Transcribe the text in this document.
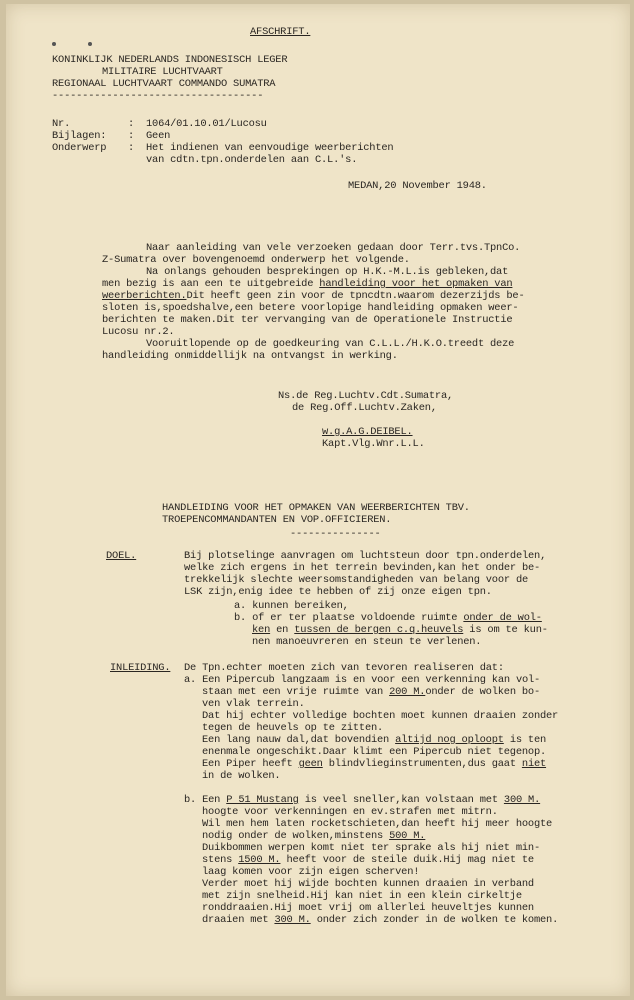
AFSCHRIFT.
KONINKLIJK NEDERLANDS INDONESISCH LEGER
MILITAIRE LUCHTVAART
REGIONAAL LUCHTVAART COMMANDO SUMATRA
-----------------------------------
Nr.	: 1064/01.10.01/Lucosu
Bijlagen: : Geen
Onderwerp : Het indienen van eenvoudige weerberichten
van cdtn.tpn.onderdelen aan C.L.'s.
MEDAN,20 November 1948.
Naar aanleiding van vele verzoeken gedaan door Terr.tvs.TpnCo.
Z-Sumatra over bovengenoemd onderwerp het volgende.
Na onlangs gehouden besprekingen op H.K.-M.L.is gebleken,dat
men bezig is aan een te uitgebreide handleiding voor het opmaken van
weerberichten.Dit heeft geen zin voor de tpncdtn.waarom dezerzijds be-
sloten is,spoedshalve,een betere voorlopige handleiding opmaken weer-
berichten te maken.Dit ter vervanging van de Operationele Instructie
Lucosu nr.2.
Vooruitlopende op de goedkeuring van C.L.L./H.K.O.treedt deze
handleiding onmiddellijk na ontvangst in werking.
Ns.de Reg.Luchtv.Cdt.Sumatra,
de Reg.Off.Luchtv.Zaken,
w.g.A.G.DEIBEL.
Kapt.Vlg.Wnr.L.L.
HANDLEIDING VOOR HET OPMAKEN VAN WEERBERICHTEN TBV.
TROEPENCOMMANDANTEN EN VOP.OFFICIEREN.
---------------
DOEL.	Bij plotselinge aanvragen om luchtsteun door tpn.onderdelen,
welke zich ergens in het terrein bevinden,kan het onder be-
trekkelijk slechte weersomstandigheden van belang voor de
LSK zijn,enig idee te hebben of zij onze eigen tpn.
a. kunnen bereiken,
b. of er ter plaatse voldoende ruimte onder de wol-
ken en tussen de bergen c.q.heuvels is om te kun-
nen manoeuvreren en steun te verlenen.
INLEIDING. De Tpn.echter moeten zich van tevoren realiseren dat:
a. Een Pipercub langzaam is en voor een verkenning kan vol-
staan met een vrije ruimte van 200 M.onder de wolken bo-
ven vlak terrein.
Dat hij echter volledige bochten moet kunnen draaien zonder
tegen de heuvels op te zitten.
Een lang nauw dal,dat bovendien altijd nog oploopt is ten
enenmale ongeschikt.Daar klimt een Pipercub niet tegenop.
Een Piper heeft geen blindvlieginstrumenten,dus gaat niet
in de wolken.
b. Een P 51 Mustang is veel sneller,kan volstaan met 300 M.
hoogte voor verkenningen en ev.strafen met mitrn.
Wil men hem laten rocketschieten,dan heeft hij meer hoogte
nodig onder de wolken,minstens 500 M.
Duikbommen werpen komt niet ter sprake als hij niet min-
stens 1500 M. heeft voor de steile duik.Hij mag niet te
laag komen voor zijn eigen scherven!
Verder moet hij wijde bochten kunnen draaien in verband
met zijn snelheid.Hij kan niet in een klein cirkeltje
ronddraaien.Hij moet vrij om allerlei heuveltjes kunnen
draaien met 300 M. onder zich zonder in de wolken te komen.
